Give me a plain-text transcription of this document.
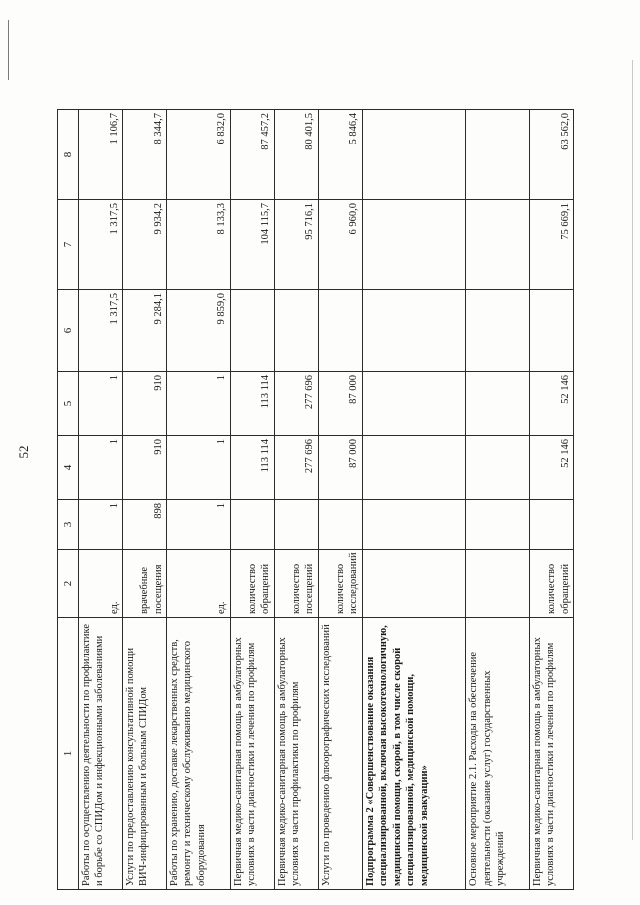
52
1	2	3	4	5	6	7	8
Работы по осуществлению деятельности по профилактике и борьбе со СПИДом и инфекционными заболеваниями	ед.	1	1	1	1 317,5	1 317,5	1 106,7
Услуги по предоставлению консультативной помощи ВИЧ-инфицированным и больным СПИДом	врачебные посещения	898	910	910	9 284,1	9 934,2	8 344,7
Работы по хранению, доставке лекарственных средств, ремонту и техническому обслуживанию медицинского оборудования	ед.	1	1	1	9 859,0	8 133,3	6 832,0
Первичная медико-санитарная помощь в амбулаторных условиях в части диагностики и лечения по профилям	количество обращений		113 114	113 114		104 115,7	87 457,2
Первичная медико-санитарная помощь в амбулаторных условиях в части профилактики по профилям	количество посещений		277 696	277 696		95 716,1	80 401,5
Услуги по проведению флюорографических исследований	количество исследований		87 000	87 000		6 960,0	5 846,4
Подпрограмма 2 «Совершенствование оказания специализированной, включая высокотехнологичную, медицинской помощи, скорой, в том числе скорой специализированной, медицинской помощи, медицинской эвакуации»							
Основное мероприятие 2.1. Расходы на обеспечение деятельности (оказание услуг) государственных учреждений							
Первичная медико-санитарная помощь в амбулаторных условиях в части диагностики и лечения по профилям	количество обращений		52 146	52 146		75 669,1	63 562,0
